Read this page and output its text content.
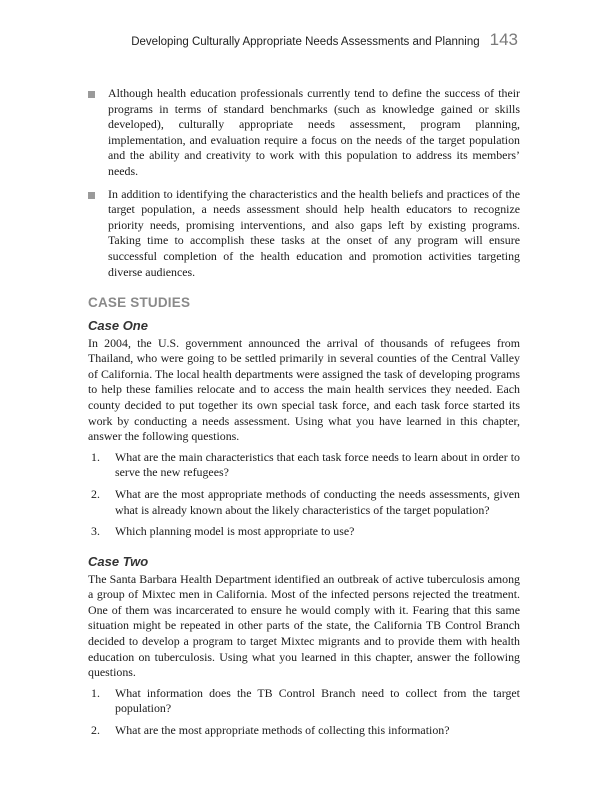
Developing Culturally Appropriate Needs Assessments and Planning 143
Although health education professionals currently tend to define the success of their programs in terms of standard benchmarks (such as knowledge gained or skills developed), culturally appropriate needs assessment, program planning, implementation, and evaluation require a focus on the needs of the target population and the ability and creativity to work with this population to address its members’ needs.
In addition to identifying the characteristics and the health beliefs and practices of the target population, a needs assessment should help health educators to recognize priority needs, promising interventions, and also gaps left by existing programs. Taking time to accomplish these tasks at the onset of any program will ensure successful completion of the health education and promotion activities targeting diverse audiences.
CASE STUDIES
Case One

In 2004, the U.S. government announced the arrival of thousands of refugees from Thailand, who were going to be settled primarily in several counties of the Central Valley of California. The local health departments were assigned the task of developing programs to help these families relocate and to access the main health services they needed. Each county decided to put together its own special task force, and each task force started its work by conducting a needs assessment. Using what you have learned in this chapter, answer the following questions.

1. What are the main characteristics that each task force needs to learn about in order to serve the new refugees?
2. What are the most appropriate methods of conducting the needs assessments, given what is already known about the likely characteristics of the target population?
3. Which planning model is most appropriate to use?
Case Two

The Santa Barbara Health Department identified an outbreak of active tuberculosis among a group of Mixtec men in California. Most of the infected persons rejected the treatment. One of them was incarcerated to ensure he would comply with it. Fearing that this same situation might be repeated in other parts of the state, the California TB Control Branch decided to develop a program to target Mixtec migrants and to provide them with health education on tuberculosis. Using what you learned in this chapter, answer the following questions.

1. What information does the TB Control Branch need to collect from the target population?
2. What are the most appropriate methods of collecting this information?
